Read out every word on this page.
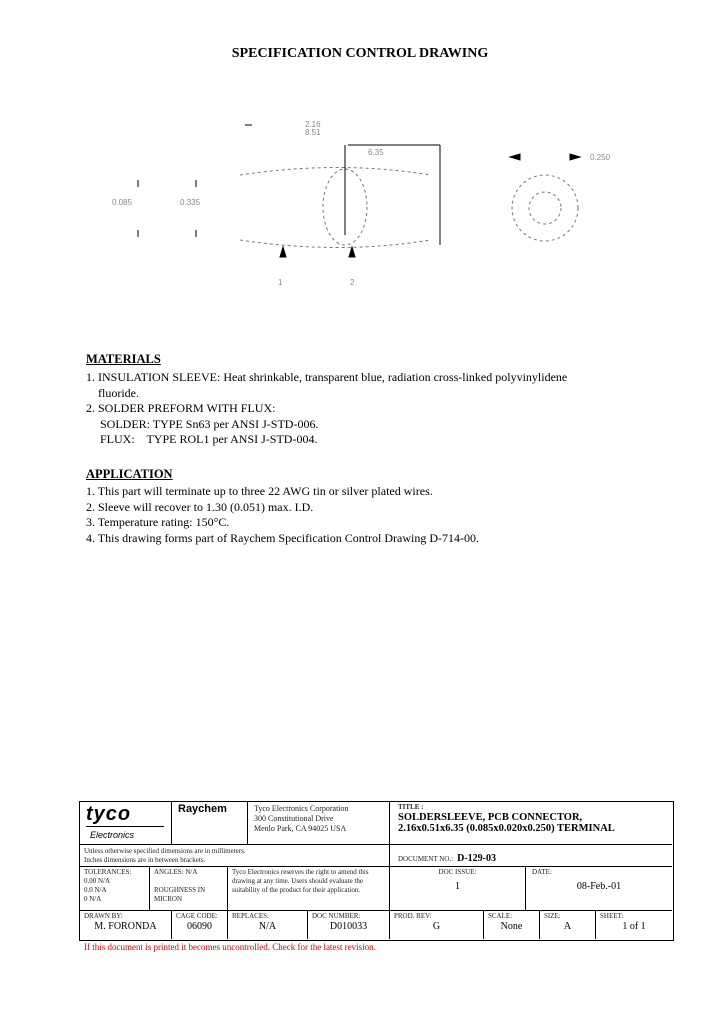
SPECIFICATION CONTROL DRAWING
2.16
8.51
6.35
0.085	0.335
0.250
1	2
MATERIALS
1. INSULATION SLEEVE: Heat shrinkable, transparent blue, radiation cross-linked polyvinylidene
fluoride.
2. SOLDER PREFORM WITH FLUX:
SOLDER: TYPE Sn63 per ANSI J-STD-006.
FLUX:    TYPE ROL1 per ANSI J-STD-004.
APPLICATION
1. This part will terminate up to three 22 AWG tin or silver plated wires.
2. Sleeve will recover to 1.30 (0.051) max. I.D.
3. Temperature rating: 150°C.
4. This drawing forms part of Raychem Specification Control Drawing D-714-00.
tyco
Electronics
Raychem	Tyco Electronics Corporation
300 Constitutional Drive
Menlo Park, CA 94025 USA
TITLE :
SOLDERSLEEVE, PCB CONNECTOR,
2.16x0.51x6.35 (0.085x0.020x0.250) TERMINAL
Unless otherwise specified dimensions are in millimeters.
Inches dimensions are in between brackets.	DOCUMENT NO.: D-129-03
TOLERANCES:
0.00 N/A
0.0 N/A
0 N/A
ANGLES: N/A
ROUGHNESS IN
MICRON
Tyco Electronics reserves the right to amend this drawing at any time. Users should evaluate the suitability of the product for their application.
DOC ISSUE:
1
DATE:
08-Feb.-01
DRAWN BY:
M. FORONDA
CAGE CODE:
06090
REPLACES:
N/A
DOC NUMBER:
D010033
PROD. REV:
G
SCALE:
None
SIZE:
A
SHEET:
1 of 1
If this document is printed it becomes uncontrolled. Check for the latest revision.
